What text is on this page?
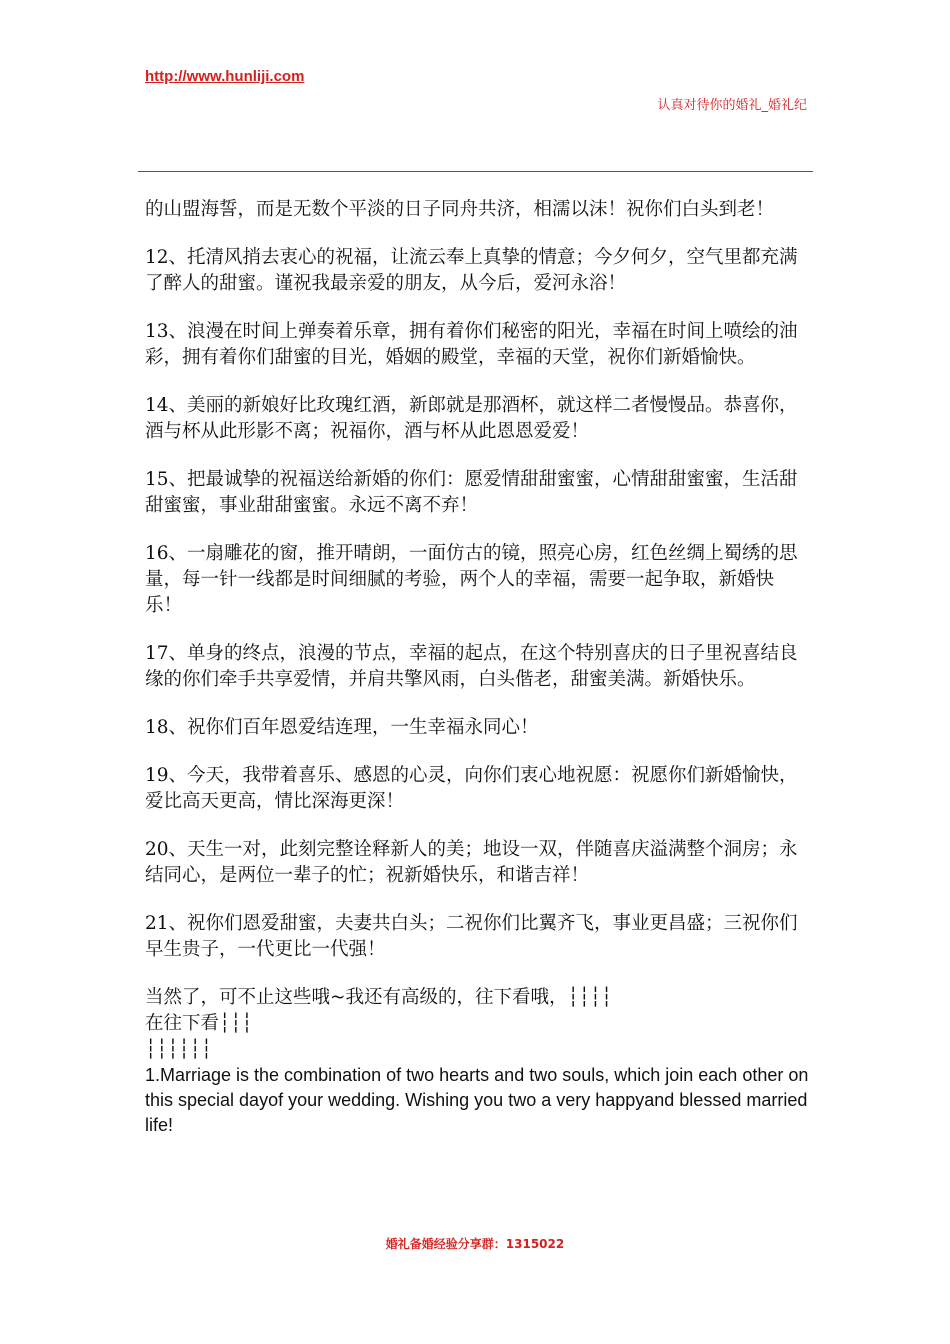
http://www.hunliji.com
认真对待你的婚礼_婚礼纪

的山盟海誓，而是无数个平淡的日子同舟共济，相濡以沫！祝你们白头到老！

12、托清风捎去衷心的祝福，让流云奉上真挚的情意；今夕何夕，空气里都充满了醉人的甜蜜。谨祝我最亲爱的朋友，从今后，爱河永浴！

13、浪漫在时间上弹奏着乐章，拥有着你们秘密的阳光，幸福在时间上喷绘的油彩，拥有着你们甜蜜的目光，婚姻的殿堂，幸福的天堂，祝你们新婚愉快。

14、美丽的新娘好比玫瑰红酒，新郎就是那酒杯，就这样二者慢慢品。恭喜你，酒与杯从此形影不离；祝福你，酒与杯从此恩恩爱爱！

15、把最诚挚的祝福送给新婚的你们：愿爱情甜甜蜜蜜，心情甜甜蜜蜜，生活甜甜蜜蜜，事业甜甜蜜蜜。永远不离不弃！

16、一扇雕花的窗，推开晴朗，一面仿古的镜，照亮心房，红色丝绸上蜀绣的思量，每一针一线都是时间细腻的考验，两个人的幸福，需要一起争取，新婚快乐！

17、单身的终点，浪漫的节点，幸福的起点，在这个特别喜庆的日子里祝喜结良缘的你们牵手共享爱情，并肩共擎风雨，白头偕老，甜蜜美满。新婚快乐。

18、祝你们百年恩爱结连理，一生幸福永同心！

19、今天，我带着喜乐、感恩的心灵，向你们衷心地祝愿：祝愿你们新婚愉快，爱比高天更高，情比深海更深！

20、天生一对，此刻完整诠释新人的美；地设一双，伴随喜庆溢满整个洞房；永结同心，是两位一辈子的忙；祝新婚快乐，和谐吉祥！

21、祝你们恩爱甜蜜，夫妻共白头；二祝你们比翼齐飞，事业更昌盛；三祝你们早生贵子，一代更比一代强！

当然了，可不止这些哦~我还有高级的，往下看哦，┆┆┆┆

在往下看┆┆┆

┆┆┆┆┆┆

1.Marriage is the combination of two hearts and two souls, which join each other on this special dayof your wedding. Wishing you two a very happyand blessed married life!

婚礼备婚经验分享群：1315022
